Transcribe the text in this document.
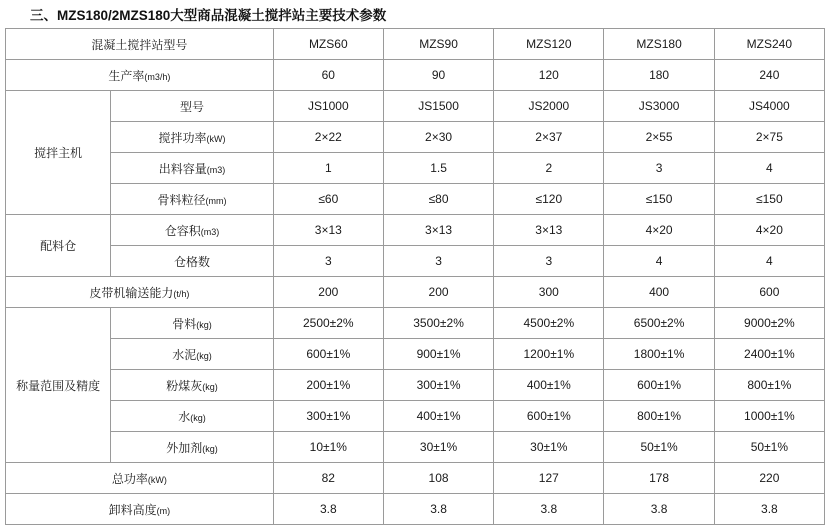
三、MZS180/2MZS180大型商品混凝土搅拌站主要技术参数
混凝土搅拌站型号		MZS60	MZS90	MZS120	MZS180	MZS240
生产率(m3/h)		60	90	120	180	240
搅拌主机	型号	JS1000	JS1500	JS2000	JS3000	JS4000
	搅拌功率(kW)	2×22	2×30	2×37	2×55	2×75
	出料容量(m3)	1	1.5	2	3	4
	骨料粒径(mm)	≤60	≤80	≤120	≤150	≤150
配料仓	仓容积(m3)	3×13	3×13	3×13	4×20	4×20
	仓格数	3	3	3	4	4
皮带机输送能力(t/h)		200	200	300	400	600
称量范围及精度	骨料(kg)	2500±2%	3500±2%	4500±2%	6500±2%	9000±2%
	水泥(kg)	600±1%	900±1%	1200±1%	1800±1%	2400±1%
	粉煤灰(kg)	200±1%	300±1%	400±1%	600±1%	800±1%
	水(kg)	300±1%	400±1%	600±1%	800±1%	1000±1%
	外加剂(kg)	10±1%	30±1%	30±1%	50±1%	50±1%
总功率(kW)		82	108	127	178	220
卸料高度(m)		3.8	3.8	3.8	3.8	3.8
